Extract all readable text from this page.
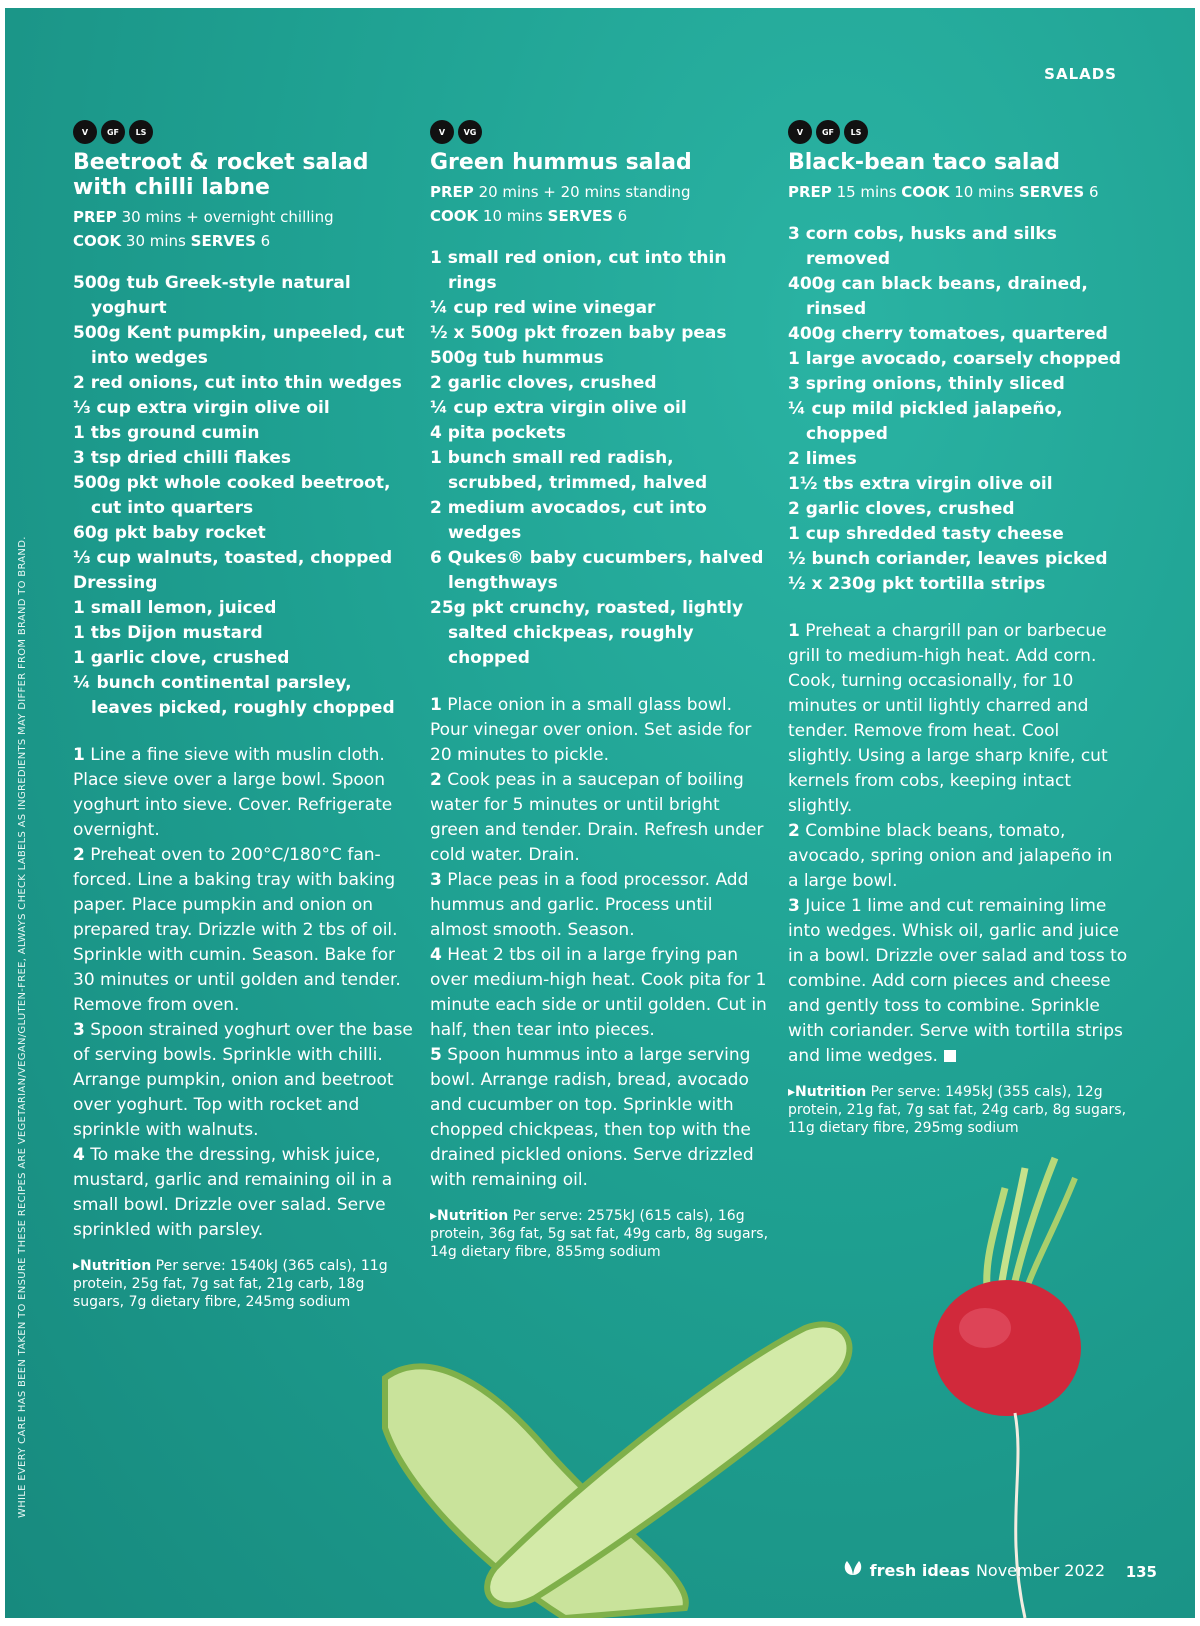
SALADS
WHILE EVERY CARE HAS BEEN TAKEN TO ENSURE THESE RECIPES ARE VEGETARIAN/VEGAN/GLUTEN-FREE, ALWAYS CHECK LABELS AS INGREDIENTS MAY DIFFER FROM BRAND TO BRAND.
V	GF	LS
Beetroot & rocket salad with chilli labne
PREP 30 mins + overnight chilling
COOK 30 mins SERVES 6
500g tub Greek-style natural yoghurt
500g Kent pumpkin, unpeeled, cut into wedges
2 red onions, cut into thin wedges
⅓ cup extra virgin olive oil
1 tbs ground cumin
3 tsp dried chilli flakes
500g pkt whole cooked beetroot, cut into quarters
60g pkt baby rocket
⅓ cup walnuts, toasted, chopped
Dressing
1 small lemon, juiced
1 tbs Dijon mustard
1 garlic clove, crushed
¼ bunch continental parsley, leaves picked, roughly chopped

1 Line a fine sieve with muslin cloth. Place sieve over a large bowl. Spoon yoghurt into sieve. Cover. Refrigerate overnight.

2 Preheat oven to 200°C/180°C fan-forced. Line a baking tray with baking paper. Place pumpkin and onion on prepared tray. Drizzle with 2 tbs of oil. Sprinkle with cumin. Season. Bake for 30 minutes or until golden and tender. Remove from oven.

3 Spoon strained yoghurt over the base of serving bowls. Sprinkle with chilli. Arrange pumpkin, onion and beetroot over yoghurt. Top with rocket and sprinkle with walnuts.

4 To make the dressing, whisk juice, mustard, garlic and remaining oil in a small bowl. Drizzle over salad. Serve sprinkled with parsley.

▸Nutrition Per serve: 1540kJ (365 cals), 11g protein, 25g fat, 7g sat fat, 21g carb, 18g sugars, 7g dietary fibre, 245mg sodium
V	VG
Green hummus salad
PREP 20 mins + 20 mins standing
COOK 10 mins SERVES 6
1 small red onion, cut into thin rings
¼ cup red wine vinegar
½ x 500g pkt frozen baby peas
500g tub hummus
2 garlic cloves, crushed
¼ cup extra virgin olive oil
4 pita pockets
1 bunch small red radish, scrubbed, trimmed, halved
2 medium avocados, cut into wedges
6 Qukes® baby cucumbers, halved lengthways
25g pkt crunchy, roasted, lightly salted chickpeas, roughly chopped

1 Place onion in a small glass bowl. Pour vinegar over onion. Set aside for 20 minutes to pickle.

2 Cook peas in a saucepan of boiling water for 5 minutes or until bright green and tender. Drain. Refresh under cold water. Drain.

3 Place peas in a food processor. Add hummus and garlic. Process until almost smooth. Season.

4 Heat 2 tbs oil in a large frying pan over medium-high heat. Cook pita for 1 minute each side or until golden. Cut in half, then tear into pieces.

5 Spoon hummus into a large serving bowl. Arrange radish, bread, avocado and cucumber on top. Sprinkle with chopped chickpeas, then top with the drained pickled onions. Serve drizzled with remaining oil.

▸Nutrition Per serve: 2575kJ (615 cals), 16g protein, 36g fat, 5g sat fat, 49g carb, 8g sugars, 14g dietary fibre, 855mg sodium
V	GF	LS
Black-bean taco salad
PREP 15 mins COOK 10 mins SERVES 6
3 corn cobs, husks and silks removed
400g can black beans, drained, rinsed
400g cherry tomatoes, quartered
1 large avocado, coarsely chopped
3 spring onions, thinly sliced
¼ cup mild pickled jalapeño, chopped
2 limes
1½ tbs extra virgin olive oil
2 garlic cloves, crushed
1 cup shredded tasty cheese
½ bunch coriander, leaves picked
½ x 230g pkt tortilla strips

1 Preheat a chargrill pan or barbecue grill to medium-high heat. Add corn. Cook, turning occasionally, for 10 minutes or until lightly charred and tender. Remove from heat. Cool slightly. Using a large sharp knife, cut kernels from cobs, keeping intact slightly.

2 Combine black beans, tomato, avocado, spring onion and jalapeño in a large bowl.

3 Juice 1 lime and cut remaining lime into wedges. Whisk oil, garlic and juice in a bowl. Drizzle over salad and toss to combine. Add corn pieces and cheese and gently toss to combine. Sprinkle with coriander. Serve with tortilla strips and lime wedges.

▸Nutrition Per serve: 1495kJ (355 cals), 12g protein, 21g fat, 7g sat fat, 24g carb, 8g sugars, 11g dietary fibre, 295mg sodium
fresh ideas November 2022 135
